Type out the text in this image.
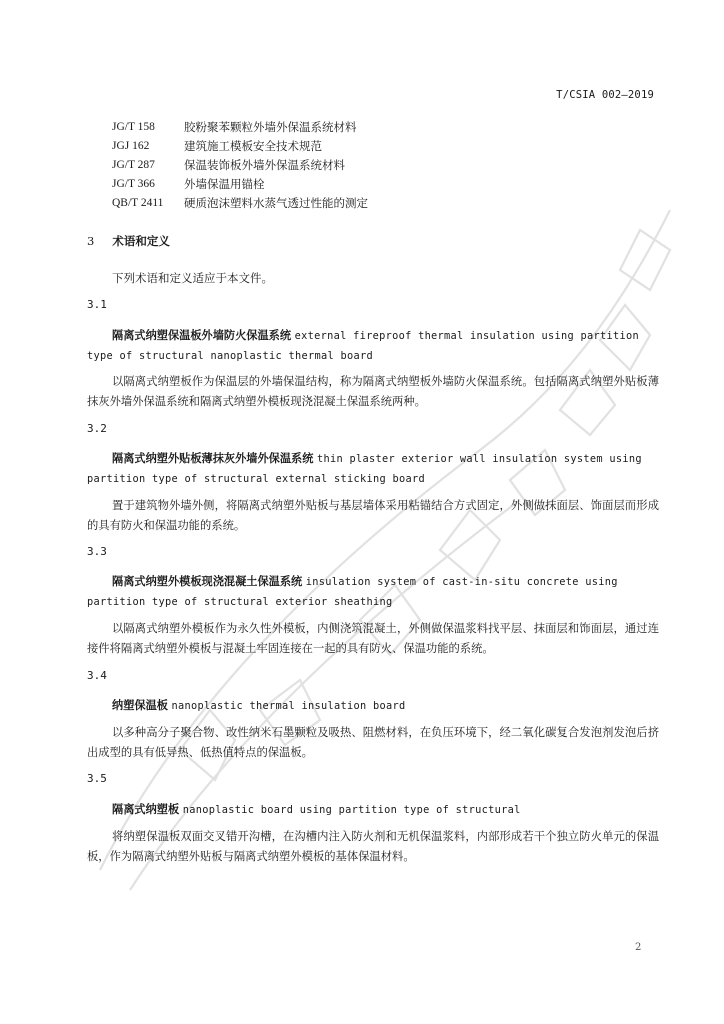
T/CSIA 002—2019
JG/T 158	胶粉聚苯颗粒外墙外保温系统材料
JGJ 162	建筑施工模板安全技术规范
JG/T 287	保温装饰板外墙外保温系统材料
JG/T 366	外墙保温用锚栓
QB/T 2411	硬质泡沫塑料水蒸气透过性能的测定
3 术语和定义
下列术语和定义适应于本文件。
3.1
隔离式纳塑保温板外墙防火保温系统 external fireproof thermal insulation using partition type of structural nanoplastic thermal board
以隔离式纳塑板作为保温层的外墙保温结构，称为隔离式纳塑板外墙防火保温系统。包括隔离式纳塑外贴板薄抹灰外墙外保温系统和隔离式纳塑外模板现浇混凝土保温系统两种。
3.2
隔离式纳塑外贴板薄抹灰外墙外保温系统 thin plaster exterior wall insulation system using partition type of structural external sticking board
置于建筑物外墙外侧，将隔离式纳塑外贴板与基层墙体采用粘锚结合方式固定，外侧做抹面层、饰面层而形成的具有防火和保温功能的系统。
3.3
隔离式纳塑外模板现浇混凝土保温系统 insulation system of cast-in-situ concrete using partition type of structural exterior sheathing
以隔离式纳塑外模板作为永久性外模板，内侧浇筑混凝土，外侧做保温浆料找平层、抹面层和饰面层，通过连接件将隔离式纳塑外模板与混凝土牢固连接在一起的具有防火、保温功能的系统。
3.4
纳塑保温板 nanoplastic thermal insulation board
以多种高分子聚合物、改性纳米石墨颗粒及吸热、阻燃材料，在负压环境下，经二氧化碳复合发泡剂发泡后挤出成型的具有低导热、低热值特点的保温板。
3.5
隔离式纳塑板 nanoplastic board using partition type of structural
将纳塑保温板双面交叉错开沟槽，在沟槽内注入防火剂和无机保温浆料，内部形成若干个独立防火单元的保温板，作为隔离式纳塑外贴板与隔离式纳塑外模板的基体保温材料。
2
